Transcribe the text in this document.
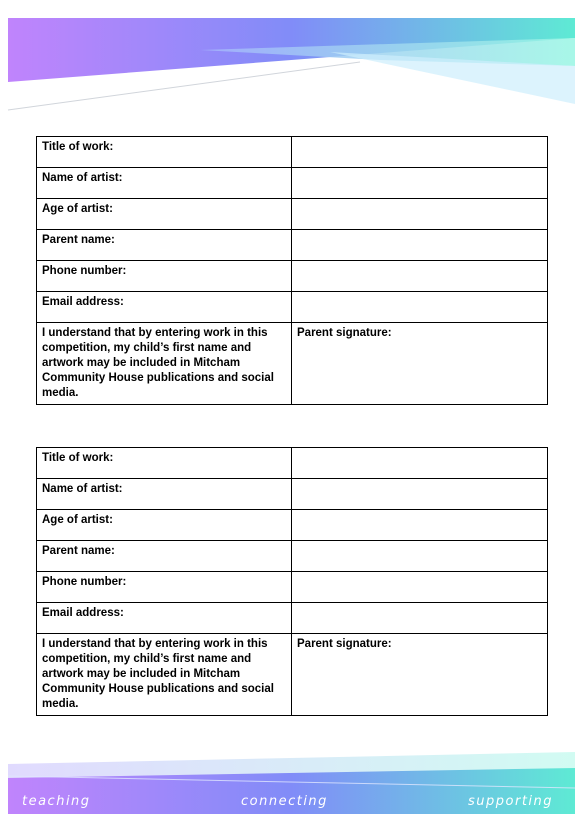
Title of work:	
Name of artist:	
Age of artist:	
Parent name:	
Phone number:	
Email address:	
I understand that by entering work in this competition, my child’s first name and artwork may be included in Mitcham Community House publications and social media.	Parent signature:
Title of work:	
Name of artist:	
Age of artist:	
Parent name:	
Phone number:	
Email address:	
I understand that by entering work in this competition, my child’s first name and artwork may be included in Mitcham Community House publications and social media.	Parent signature:
teaching	connecting	supporting
